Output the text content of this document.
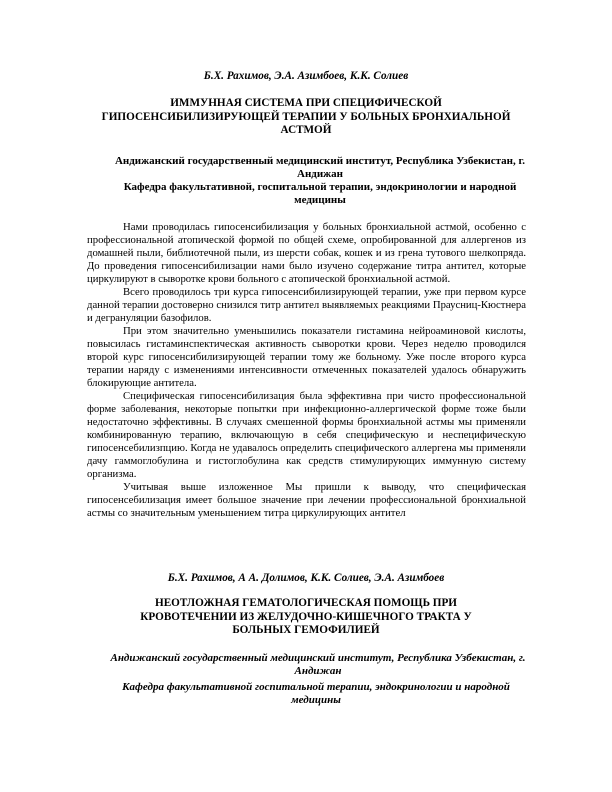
Б.Х. Рахимов, Э.А. Азимбоев, К.К. Солиев
ИММУННАЯ СИСТЕМА ПРИ СПЕЦИФИЧЕСКОЙ ГИПОСЕНСИБИЛИЗИРУЮЩЕЙ ТЕРАПИИ У БОЛЬНЫХ БРОНХИАЛЬНОЙ АСТМОЙ
Андижанский государственный медицинский институт, Республика Узбекистан, г. Андижан
Кафедра факультативной, госпитальной терапии, эндокринологии и народной медицины

Нами проводилась гипосенсибилизация у больных бронхиальной астмой, особенно с профессиональной атопической формой по общей схеме, опробированной для аллергенов из домашней пыли, библиотечной пыли, из шерсти собак, кошек и из грена тутового шелкопряда. До проведения гипосенсибилизации нами было изучено содержание титра антител, которые циркулируют в сыворотке крови больного с атопической бронхиальной астмой.

Всего проводилось три курса гипосенсибилизирующей терапии, уже при первом курсе данной терапии достоверно снизился титр антител выявляемых реакциями Праусниц-Кюстнера и дегрануляции базофилов.

При этом значительно уменьшились показатели гистамина нейроаминовой кислоты, повысилась гистаминспектическая активность сыворотки крови. Через неделю проводился второй курс гипосенсибилизирующей терапии тому же больному. Уже после второго курса терапии наряду с изменениями интенсивности отмеченных показателей удалось обнаружить блокирующие антитела.

Специфическая гипосенсибилизация была эффективна при чисто профессиональной форме заболевания, некоторые попытки при инфекционно-аллергической форме тоже были недостаточно эффективны. В случаях смешенной формы бронхиальной астмы мы применяли комбинированную терапию, включающую в себя специфическую и неспецифическую гипосенсебилизпцию. Когда не удавалось определить специфического аллергена мы применяли дачу гаммоглобулина и гистоглобулина как средств стимулирующих иммунную систему организма.

Учитывая выше изложенное Мы пришли к выводу, что специфическая гипосенсебилизация имеет большое значение при лечении профессиональной бронхиальной астмы со значительным уменьшением титра циркулирующих антител

Б.Х. Рахимов, А А. Долимов, К.К. Солиев, Э.А. Азимбоев
НЕОТЛОЖНАЯ ГЕМАТОЛОГИЧЕСКАЯ ПОМОЩЬ ПРИ КРОВОТЕЧЕНИИ ИЗ ЖЕЛУДОЧНО-КИШЕЧНОГО ТРАКТА У БОЛЬНЫХ ГЕМОФИЛИЕЙ
Андижанский государственный медицинский институт, Республика Узбекистан, г. Андижан
Кафедра факультативной госпитальной терапии, эндокринологии и народной медицины
